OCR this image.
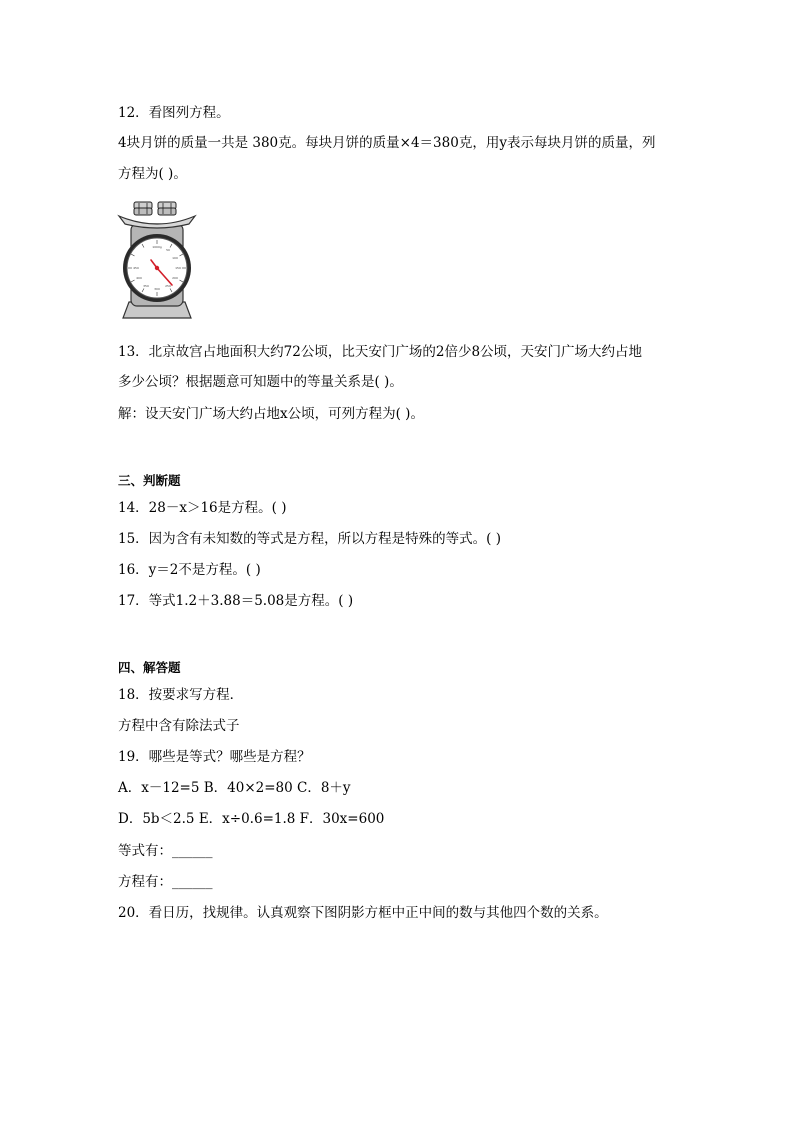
12．看图列方程。
4块月饼的质量一共是 380克。每块月饼的质量×4＝380克，用y表示每块月饼的质量，列
方程为( )。
1000g
50
100
150
200
250
300
350
400
450
13．北京故宫占地面积大约72公顷，比天安门广场的2倍少8公顷，天安门广场大约占地
多少公顷？根据题意可知题中的等量关系是( )。
解：设天安门广场大约占地x公顷，可列方程为( )。
三、判断题
14．28－x＞16是方程。( )
15．因为含有未知数的等式是方程，所以方程是特殊的等式。( )
16．y＝2不是方程。( )
17．等式1.2＋3.88＝5.08是方程。( )
四、解答题
18．按要求写方程．
方程中含有除法式子
19．哪些是等式？哪些是方程？
A．x－12=5 B．40×2=80 C．8＋y
D．5b＜2.5 E．x÷0.6=1.8 F．30x=600
等式有：______
方程有：______
20．看日历，找规律。认真观察下图阴影方框中正中间的数与其他四个数的关系。
